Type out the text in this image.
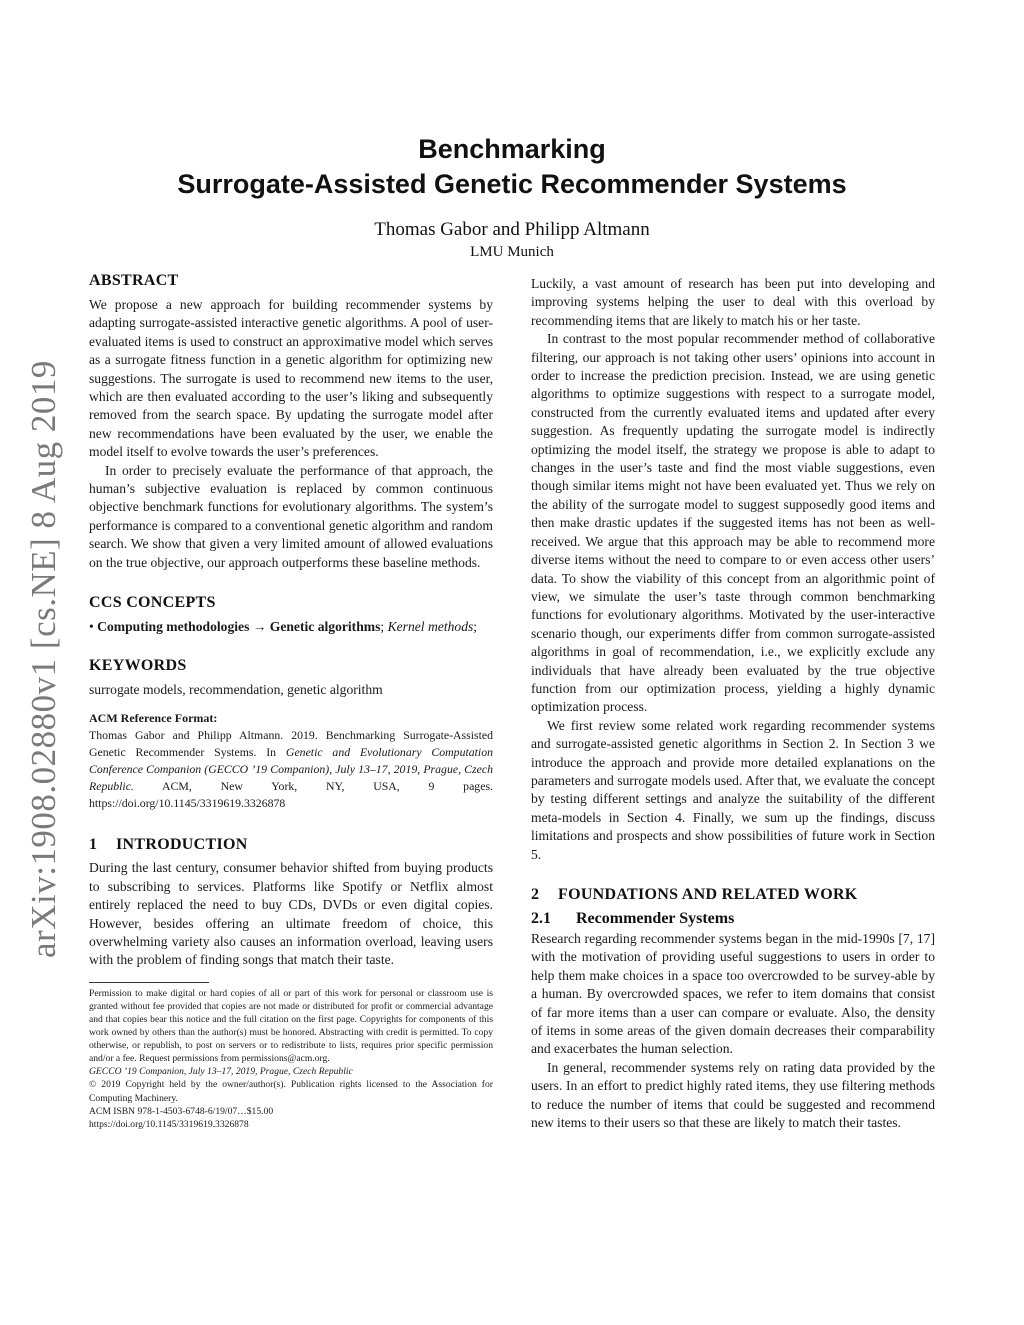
arXiv:1908.02880v1 [cs.NE] 8 Aug 2019
Benchmarking
Surrogate-Assisted Genetic Recommender Systems
Thomas Gabor and Philipp Altmann
LMU Munich
ABSTRACT

We propose a new approach for building recommender systems by adapting surrogate-assisted interactive genetic algorithms. A pool of user-evaluated items is used to construct an approximative model which serves as a surrogate fitness function in a genetic algorithm for optimizing new suggestions. The surrogate is used to recommend new items to the user, which are then evaluated according to the user’s liking and subsequently removed from the search space. By updating the surrogate model after new recommendations have been evaluated by the user, we enable the model itself to evolve towards the user’s preferences.

In order to precisely evaluate the performance of that approach, the human’s subjective evaluation is replaced by common continuous objective benchmark functions for evolutionary algorithms. The system’s performance is compared to a conventional genetic algorithm and random search. We show that given a very limited amount of allowed evaluations on the true objective, our approach outperforms these baseline methods.

CCS CONCEPTS
• Computing methodologies → Genetic algorithms; Kernel methods;
KEYWORDS

surrogate models, recommendation, genetic algorithm

ACM Reference Format:

Thomas Gabor and Philipp Altmann. 2019. Benchmarking Surrogate-Assisted Genetic Recommender Systems. In Genetic and Evolutionary Computation Conference Companion (GECCO ’19 Companion), July 13–17, 2019, Prague, Czech Republic. ACM, New York, NY, USA, 9 pages. https://doi.org/10.1145/3319619.3326878

1 INTRODUCTION

During the last century, consumer behavior shifted from buying products to subscribing to services. Platforms like Spotify or Netflix almost entirely replaced the need to buy CDs, DVDs or even digital copies. However, besides offering an ultimate freedom of choice, this overwhelming variety also causes an information overload, leaving users with the problem of finding songs that match their taste.

Permission to make digital or hard copies of all or part of this work for personal or classroom use is granted without fee provided that copies are not made or distributed for profit or commercial advantage and that copies bear this notice and the full citation on the first page. Copyrights for components of this work owned by others than the author(s) must be honored. Abstracting with credit is permitted. To copy otherwise, or republish, to post on servers or to redistribute to lists, requires prior specific permission and/or a fee. Request permissions from permissions@acm.org.

GECCO ’19 Companion, July 13–17, 2019, Prague, Czech Republic

© 2019 Copyright held by the owner/author(s). Publication rights licensed to the Association for Computing Machinery.

ACM ISBN 978-1-4503-6748-6/19/07…$15.00

https://doi.org/10.1145/3319619.3326878

Luckily, a vast amount of research has been put into developing and improving systems helping the user to deal with this overload by recommending items that are likely to match his or her taste.

In contrast to the most popular recommender method of collaborative filtering, our approach is not taking other users’ opinions into account in order to increase the prediction precision. Instead, we are using genetic algorithms to optimize suggestions with respect to a surrogate model, constructed from the currently evaluated items and updated after every suggestion. As frequently updating the surrogate model is indirectly optimizing the model itself, the strategy we propose is able to adapt to changes in the user’s taste and find the most viable suggestions, even though similar items might not have been evaluated yet. Thus we rely on the ability of the surrogate model to suggest supposedly good items and then make drastic updates if the suggested items has not been as well-received. We argue that this approach may be able to recommend more diverse items without the need to compare to or even access other users’ data. To show the viability of this concept from an algorithmic point of view, we simulate the user’s taste through common benchmarking functions for evolutionary algorithms. Motivated by the user-interactive scenario though, our experiments differ from common surrogate-assisted algorithms in goal of recommendation, i.e., we explicitly exclude any individuals that have already been evaluated by the true objective function from our optimization process, yielding a highly dynamic optimization process.

We first review some related work regarding recommender systems and surrogate-assisted genetic algorithms in Section 2. In Section 3 we introduce the approach and provide more detailed explanations on the parameters and surrogate models used. After that, we evaluate the concept by testing different settings and analyze the suitability of the different meta-models in Section 4. Finally, we sum up the findings, discuss limitations and prospects and show possibilities of future work in Section 5.

2 FOUNDATIONS AND RELATED WORK
2.1 Recommender Systems

Research regarding recommender systems began in the mid-1990s [7, 17] with the motivation of providing useful suggestions to users in order to help them make choices in a space too overcrowded to be survey-able by a human. By overcrowded spaces, we refer to item domains that consist of far more items than a user can compare or evaluate. Also, the density of items in some areas of the given domain decreases their comparability and exacerbates the human selection.

In general, recommender systems rely on rating data provided by the users. In an effort to predict highly rated items, they use filtering methods to reduce the number of items that could be suggested and recommend new items to their users so that these are likely to match their tastes.
